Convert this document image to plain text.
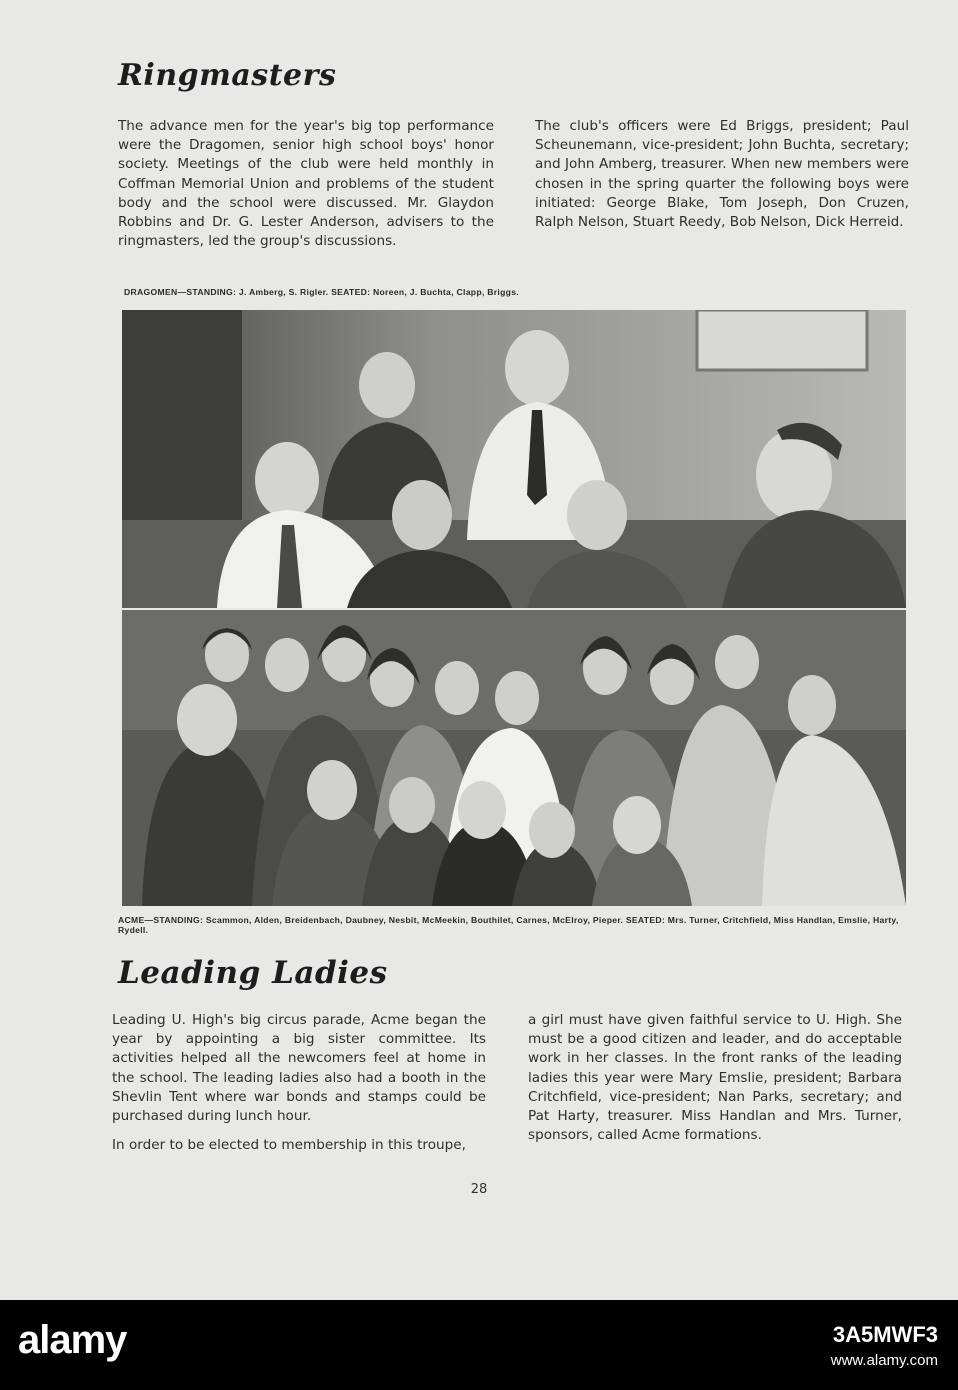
Ringmasters

The advance men for the year's big top performance were the Dragomen, senior high school boys' honor society. Meetings of the club were held monthly in Coffman Memorial Union and problems of the student body and the school were discussed. Mr. Glaydon Robbins and Dr. G. Lester Anderson, advisers to the ringmasters, led the group's discussions.

The club's officers were Ed Briggs, president; Paul Scheunemann, vice-president; John Buchta, secretary; and John Amberg, treasurer. When new members were chosen in the spring quarter the following boys were initiated: George Blake, Tom Joseph, Don Cruzen, Ralph Nelson, Stuart Reedy, Bob Nelson, Dick Herreid.

DRAGOMEN—STANDING: J. Amberg, S. Rigler. SEATED: Noreen, J. Buchta, Clapp, Briggs.
ACME—STANDING: Scammon, Alden, Breidenbach, Daubney, Nesbit, McMeekin, Bouthilet, Carnes, McElroy, Pieper. SEATED: Mrs. Turner, Critchfield, Miss Handlan, Emslie, Harty, Rydell.
Leading Ladies

Leading U. High's big circus parade, Acme began the year by appointing a big sister committee. Its activities helped all the newcomers feel at home in the school. The leading ladies also had a booth in the Shevlin Tent where war bonds and stamps could be purchased during lunch hour.

In order to be elected to membership in this troupe,

a girl must have given faithful service to U. High. She must be a good citizen and leader, and do acceptable work in her classes. In the front ranks of the leading ladies this year were Mary Emslie, president; Barbara Critchfield, vice-president; Nan Parks, secretary; and Pat Harty, treasurer. Miss Handlan and Mrs. Turner, sponsors, called Acme formations.

28
alamy	3A5MWF3
www.alamy.com
